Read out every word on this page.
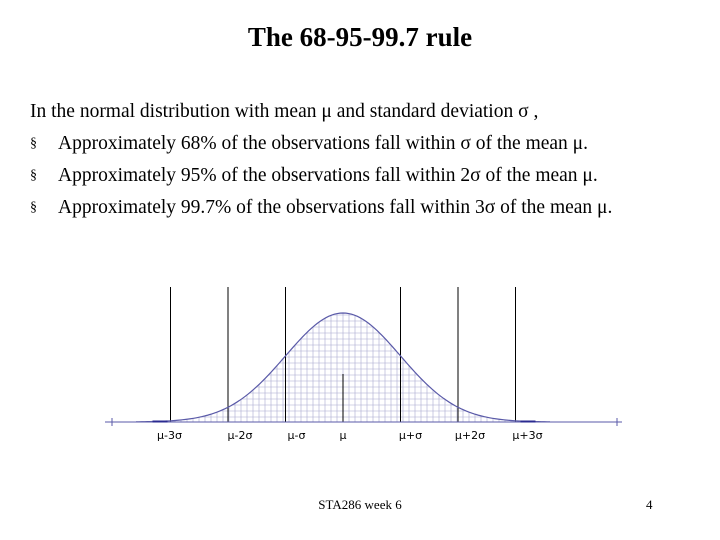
The 68-95-99.7 rule
In the normal distribution with mean μ and standard deviation σ ,
§ Approximately 68% of the observations fall within σ of the mean μ.
§ Approximately 95% of the observations fall within 2σ of the mean μ.
§ Approximately 99.7% of the observations fall within 3σ of the mean μ.
μ-3σ	μ-2σ	μ-σ	μ	μ+σ	μ+2σ μ+3σ
STA286 week 6	4
